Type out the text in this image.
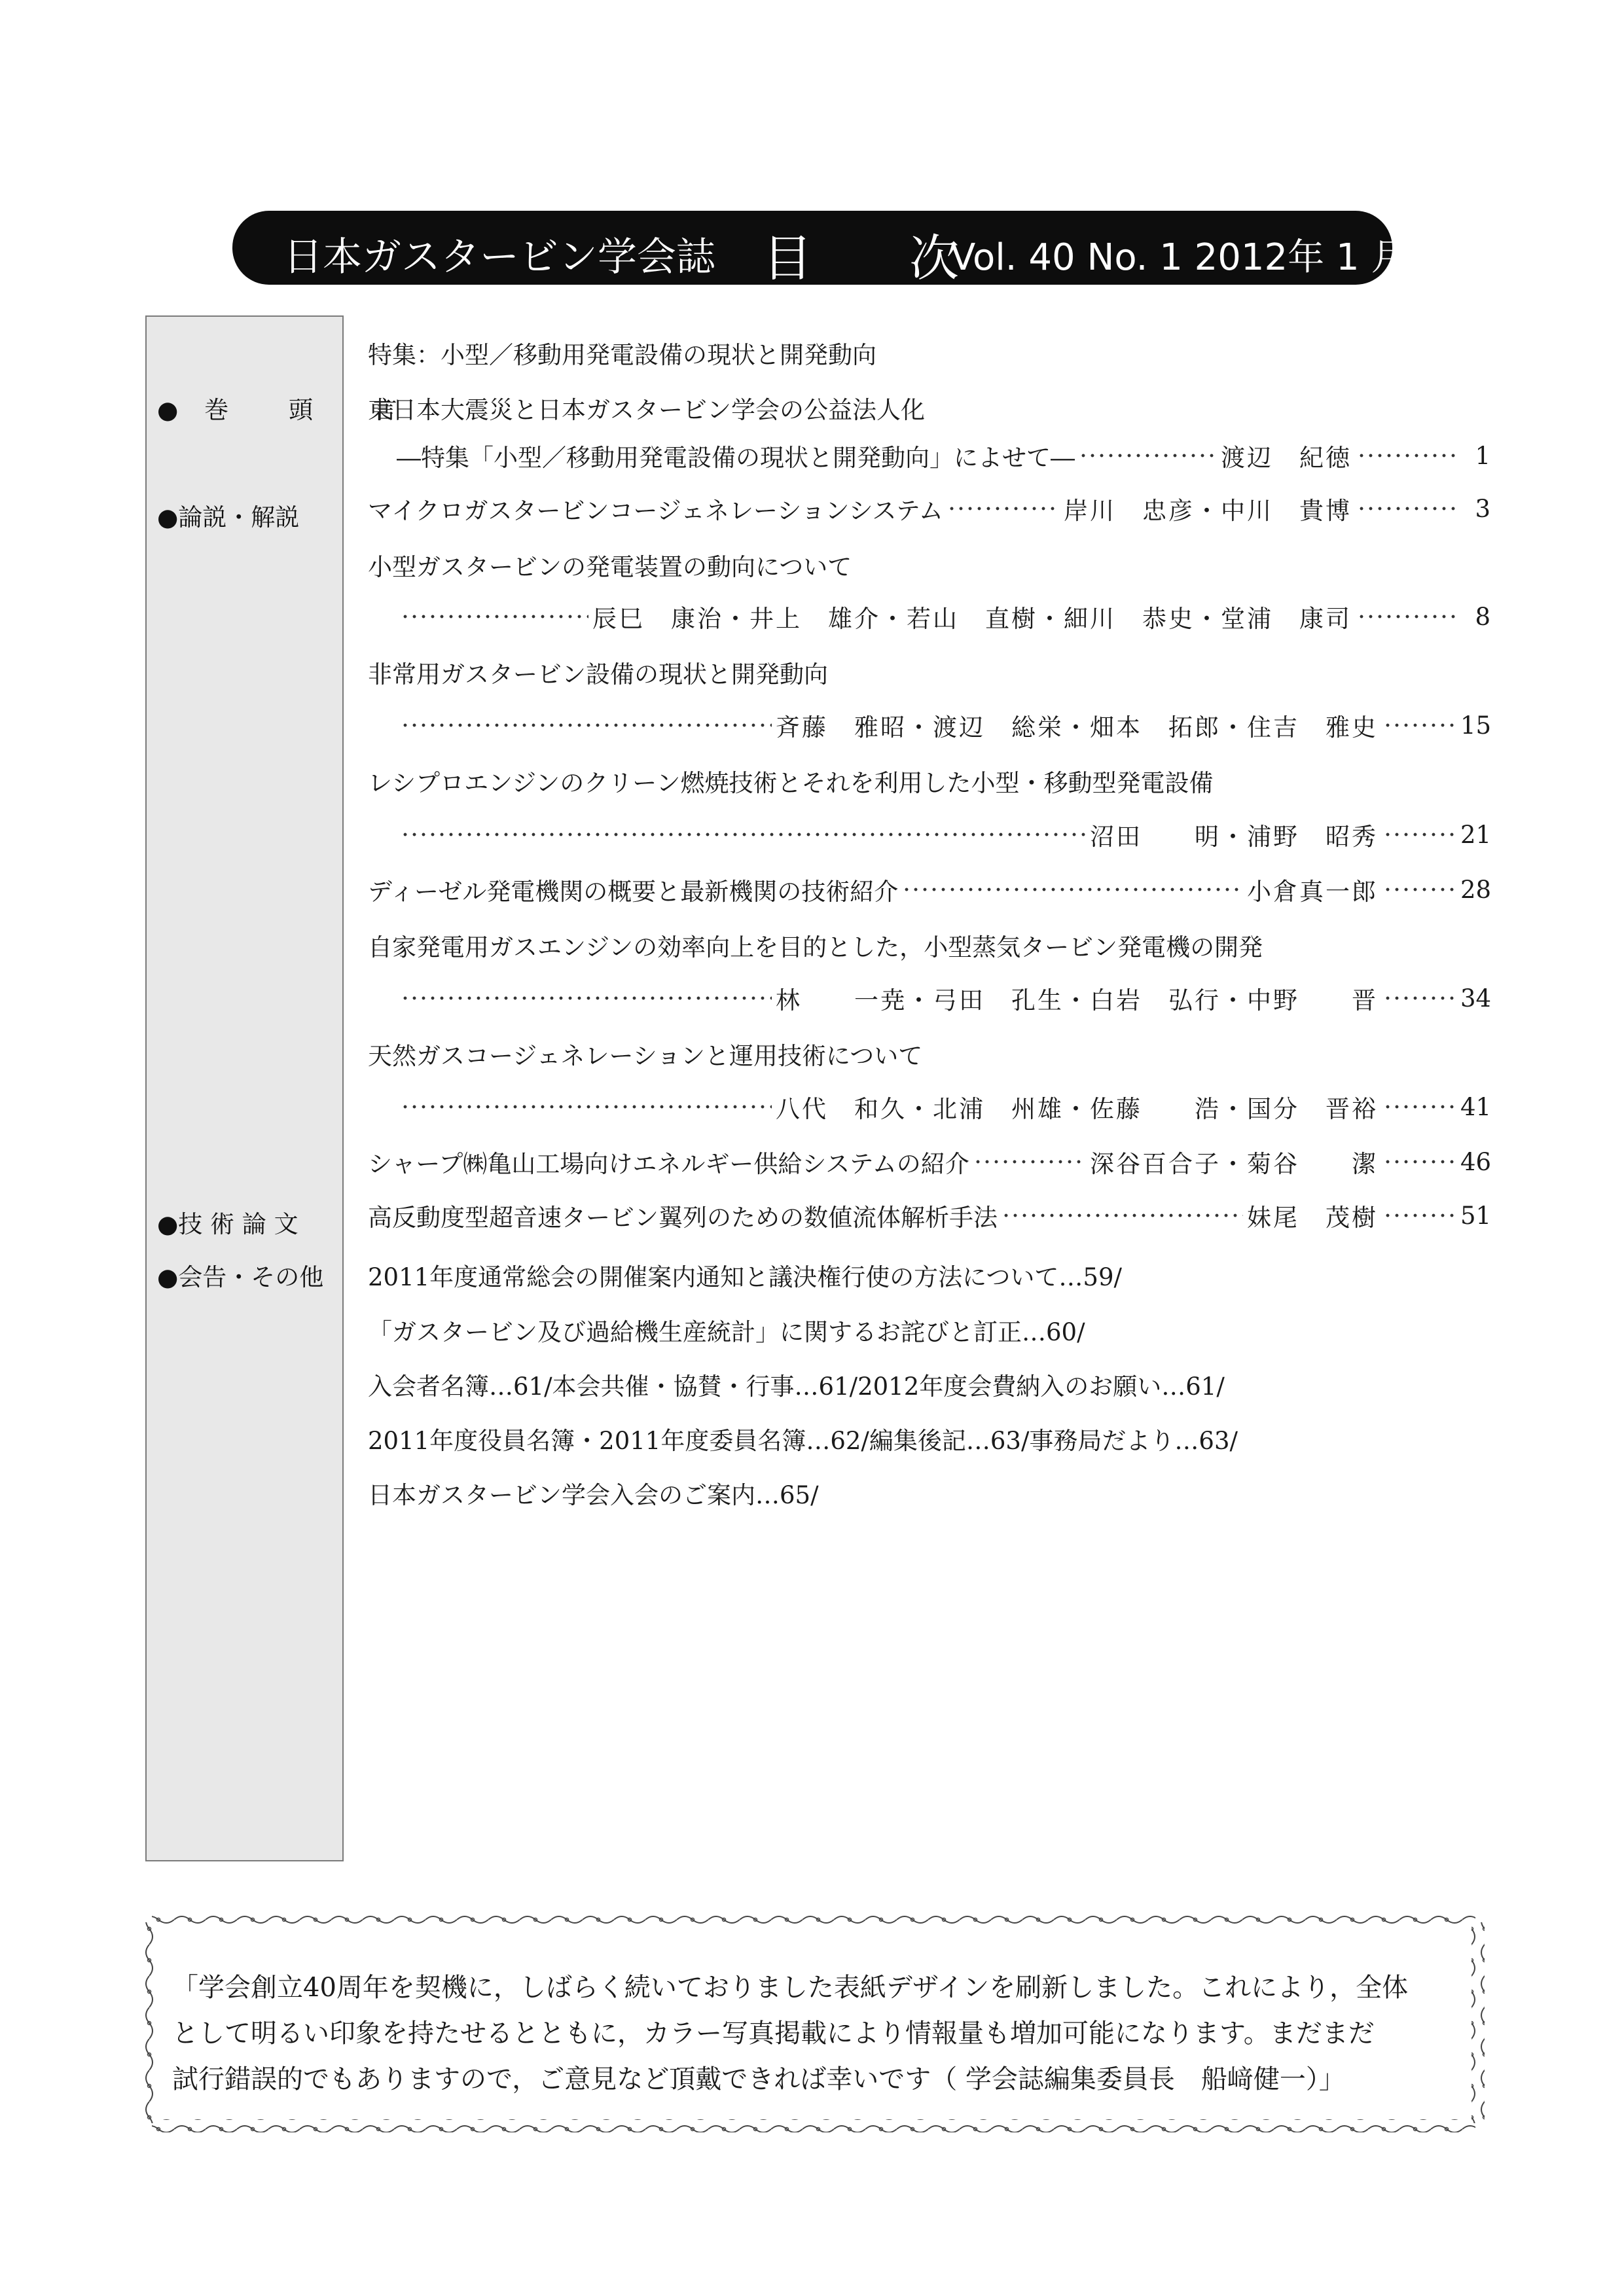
日本ガスタービン学会誌 目 次
Vol. 40 No. 1 2012年 1 月
●巻 頭 言
●論説・解説
●技 術 論 文
●会告・その他
特集：小型／移動用発電設備の現状と開発動向
東日本大震災と日本ガスタービン学会の公益法人化
―特集「小型／移動用発電設備の現状と開発動向」によせて―	渡辺　紀徳	1
マイクロガスタービンコージェネレーションシステム	岸川　忠彦・中川　貴博	3
小型ガスタービンの発電装置の動向について
辰巳　康治・井上　雄介・若山　直樹・細川　恭史・堂浦　康司	8
非常用ガスタービン設備の現状と開発動向
斉藤　雅昭・渡辺　総栄・畑本　拓郎・住吉　雅史	15
レシプロエンジンのクリーン燃焼技術とそれを利用した小型・移動型発電設備
沼田　　明・浦野　昭秀	21
ディーゼル発電機関の概要と最新機関の技術紹介	小倉真一郎	28
自家発電用ガスエンジンの効率向上を目的とした，小型蒸気タービン発電機の開発
林　　一尭・弓田　孔生・白岩　弘行・中野　　晋	34
天然ガスコージェネレーションと運用技術について
八代　和久・北浦　州雄・佐藤　　浩・国分　晋裕	41
シャープ㈱亀山工場向けエネルギー供給システムの紹介	深谷百合子・菊谷　　潔	46
高反動度型超音速タービン翼列のための数値流体解析手法	妹尾　茂樹	51
2011年度通常総会の開催案内通知と議決権行使の方法について…59/
「ガスタービン及び過給機生産統計」に関するお詫びと訂正…60/
入会者名簿…61/本会共催・協賛・行事…61/2012年度会費納入のお願い…61/
2011年度役員名簿・2011年度委員名簿…62/編集後記…63/事務局だより…63/
日本ガスタービン学会入会のご案内…65/
「学会創立40周年を契機に，しばらく続いておりました表紙デザインを刷新しました。これにより，全体
として明るい印象を持たせるとともに，カラー写真掲載により情報量も増加可能になります。まだまだ
試行錯誤的でもありますので，ご意見など頂戴できれば幸いです（ 学会誌編集委員長　船﨑健一）」
